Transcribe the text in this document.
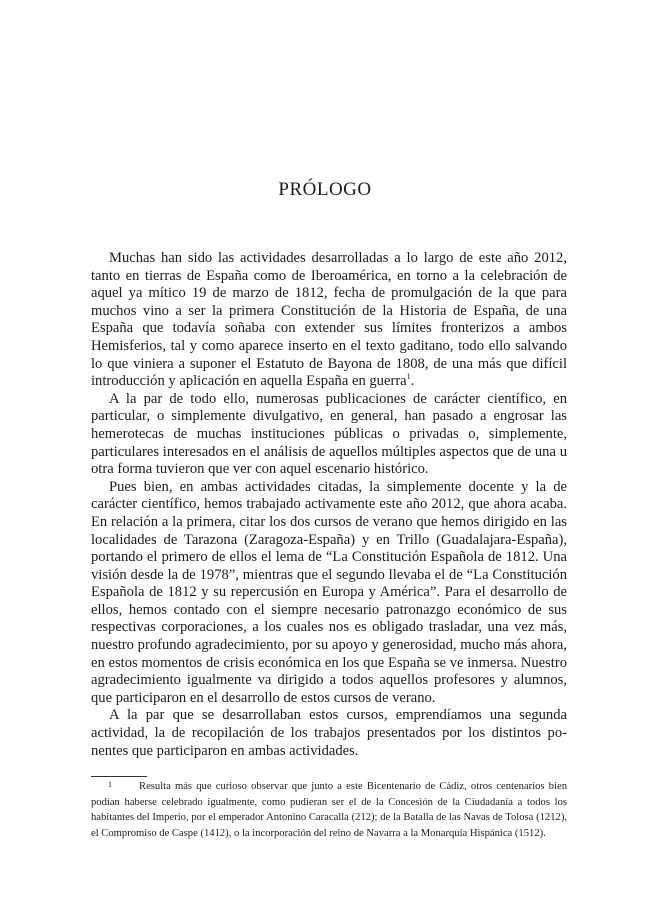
PRÓLOGO

Muchas han sido las actividades desarrolladas a lo largo de este año 2012, tanto en tierras de España como de Iberoamérica, en torno a la celebración de aquel ya mítico 19 de marzo de 1812, fecha de promulgación de la que para muchos vino a ser la primera Constitución de la Historia de España, de una España que todavía soñaba con extender sus límites fronterizos a ambos Hemisferios, tal y como aparece inserto en el texto gaditano, todo ello salvando lo que viniera a suponer el Estatuto de Bayona de 1808, de una más que difícil introducción y aplicación en aquella España en guerra$^1$.

A la par de todo ello, numerosas publicaciones de carácter científico, en particular, o simplemente divulgativo, en general, han pasado a engrosar las hemerotecas de muchas instituciones públicas o privadas o, simplemente, particulares interesados en el análisis de aquellos múltiples aspectos que de una u otra forma tuvieron que ver con aquel escenario histórico.

Pues bien, en ambas actividades citadas, la simplemente docente y la de carácter científico, hemos trabajado activamente este año 2012, que ahora acaba. En relación a la primera, citar los dos cursos de verano que hemos dirigido en las localidades de Tarazona (Zaragoza-España) y en Trillo (Guadalajara-España), portando el primero de ellos el lema de “La Constitución Española de 1812. Una visión desde la de 1978”, mientras que el segundo llevaba el de “La Constitución Española de 1812 y su repercusión en Europa y América”. Para el desarrollo de ellos, hemos contado con el siempre necesario patronazgo económico de sus respectivas corporaciones, a los cuales nos es obligado trasladar, una vez más, nuestro profundo agradecimiento, por su apoyo y generosidad, mucho más ahora, en estos momentos de crisis económica en los que España se ve inmersa. Nuestro agradecimiento igualmente va dirigido a todos aquellos profesores y alumnos, que participaron en el desarrollo de estos cursos de verano.

A la par que se desarrollaban estos cursos, emprendíamos una segunda actividad, la de recopilación de los trabajos presentados por los distintos ponentes que participaron en ambas actividades.

1	Resulta más que curioso observar que junto a este Bicentenario de Cádiz, otros centenarios bien podían haberse celebrado igualmente, como pudieran ser el de la Concesión de la Ciudadanía a todos los habitantes del Imperio, por el emperador Antonino Caracalla (212); de la Batalla de las Navas de Tolosa (1212), el Compromiso de Caspe (1412), o la incorporación del reino de Navarra a la Monarquía Hispánica (1512).
